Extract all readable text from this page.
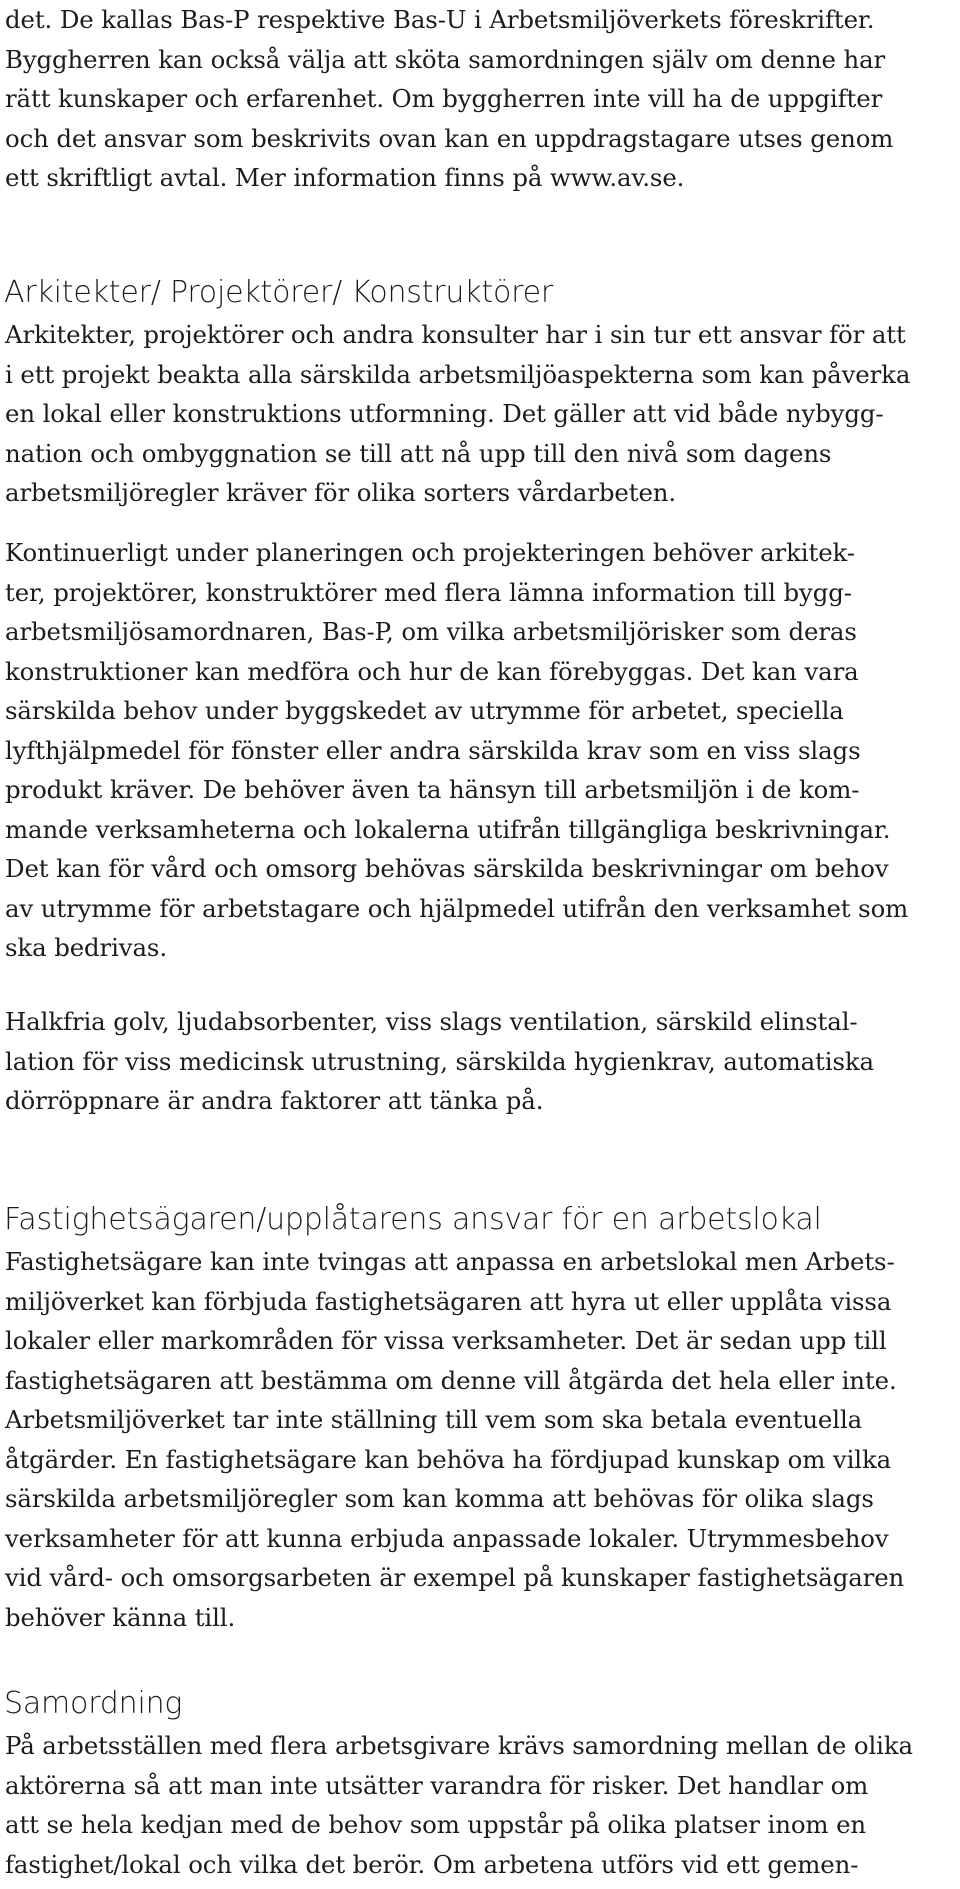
det. De kallas Bas-P respektive Bas-U i Arbetsmiljöverkets föreskrifter.
Byggherren kan också välja att sköta samordningen själv om denne har
rätt kunskaper och erfarenhet. Om byggherren inte vill ha de uppgifter
och det ansvar som beskrivits ovan kan en uppdragstagare utses genom
ett skriftligt avtal. Mer information finns på www.av.se.

Arkitekter/ Projektörer/ Konstruktörer

Arkitekter, projektörer och andra konsulter har i sin tur ett ansvar för att
i ett projekt beakta alla särskilda arbetsmiljöaspekterna som kan påverka
en lokal eller konstruktions utformning. Det gäller att vid både nybygg-
nation och ombyggnation se till att nå upp till den nivå som dagens
arbetsmiljöregler kräver för olika sorters vårdarbeten.

Kontinuerligt under planeringen och projekteringen behöver arkitek-
ter, projektörer, konstruktörer med flera lämna information till bygg-
arbetsmiljösamordnaren, Bas-P, om vilka arbetsmiljörisker som deras
konstruktioner kan medföra och hur de kan förebyggas. Det kan vara
särskilda behov under byggskedet av utrymme för arbetet, speciella
lyfthjälpmedel för fönster eller andra särskilda krav som en viss slags
produkt kräver. De behöver även ta hänsyn till arbetsmiljön i de kom-
mande verksamheterna och lokalerna utifrån tillgängliga beskrivningar.
Det kan för vård och omsorg behövas särskilda beskrivningar om behov
av utrymme för arbetstagare och hjälpmedel utifrån den verksamhet som
ska bedrivas.

Halkfria golv, ljudabsorbenter, viss slags ventilation, särskild elinstal-
lation för viss medicinsk utrustning, särskilda hygienkrav, automatiska
dörröppnare är andra faktorer att tänka på.

Fastighetsägaren/upplåtarens ansvar för en arbetslokal

Fastighetsägare kan inte tvingas att anpassa en arbetslokal men Arbets-
miljöverket kan förbjuda fastighetsägaren att hyra ut eller upplåta vissa
lokaler eller markområden för vissa verksamheter. Det är sedan upp till
fastighetsägaren att bestämma om denne vill åtgärda det hela eller inte.
Arbetsmiljöverket tar inte ställning till vem som ska betala eventuella
åtgärder. En fastighetsägare kan behöva ha fördjupad kunskap om vilka
särskilda arbetsmiljöregler som kan komma att behövas för olika slags
verksamheter för att kunna erbjuda anpassade lokaler. Utrymmesbehov
vid vård- och omsorgsarbeten är exempel på kunskaper fastighetsägaren
behöver känna till.

Samordning

På arbetsställen med flera arbetsgivare krävs samordning mellan de olika
aktörerna så att man inte utsätter varandra för risker. Det handlar om
att se hela kedjan med de behov som uppstår på olika platser inom en
fastighet/lokal och vilka det berör. Om arbetena utförs vid ett gemen-
